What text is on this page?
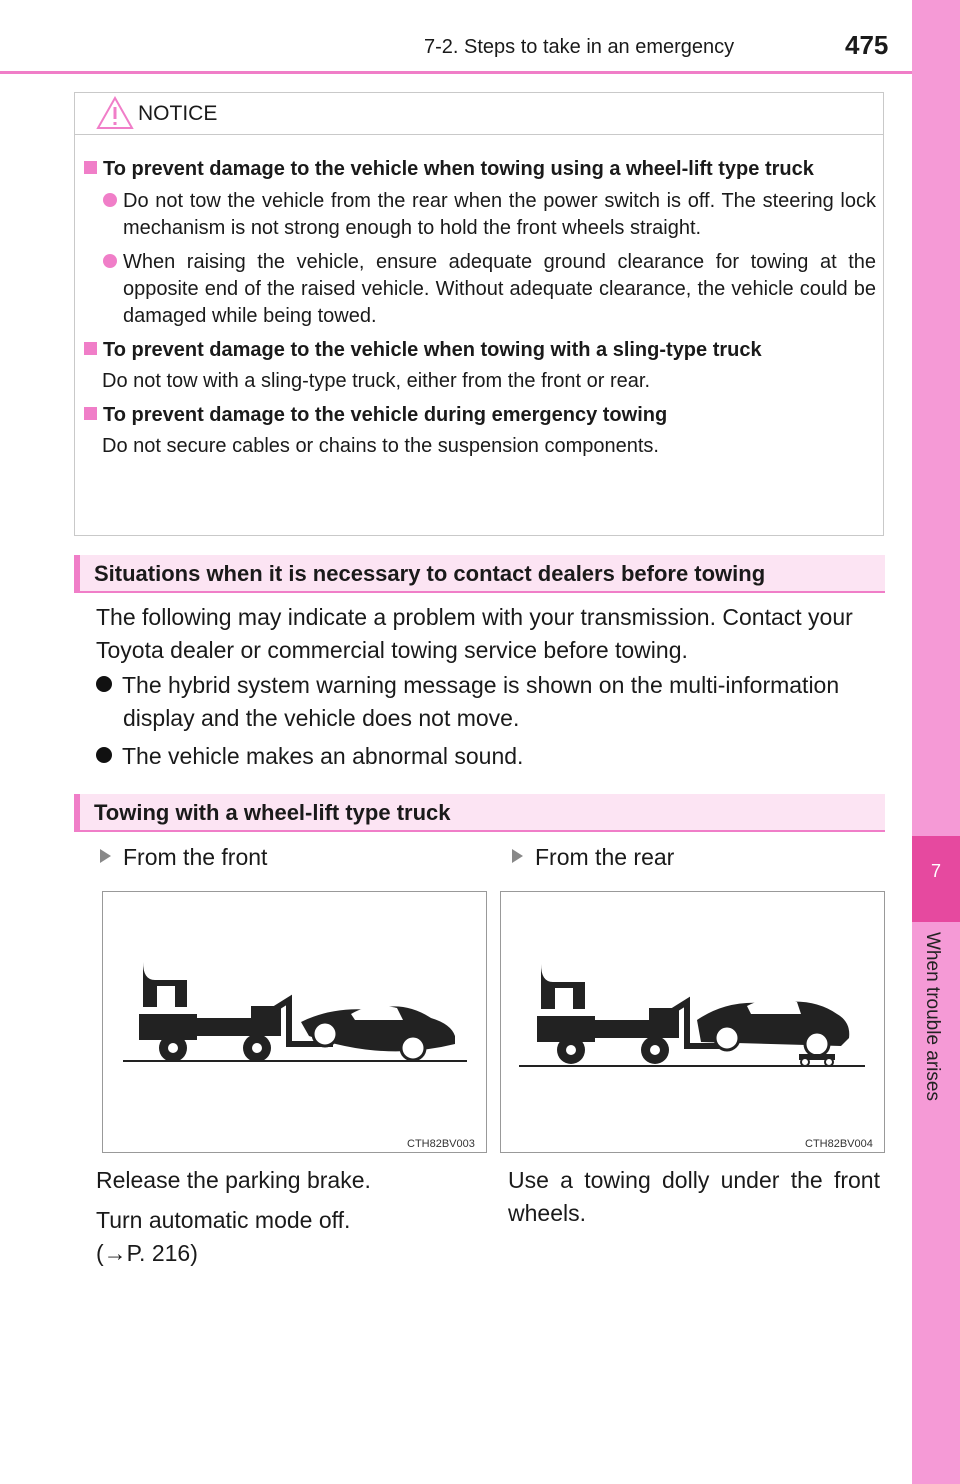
7-2. Steps to take in an emergency	475
7
When trouble arises
NOTICE
To prevent damage to the vehicle when towing using a wheel-lift type truck
Do not tow the vehicle from the rear when the power switch is off. The steering lock mechanism is not strong enough to hold the front wheels straight.
When raising the vehicle, ensure adequate ground clearance for towing at the opposite end of the raised vehicle. Without adequate clearance, the vehicle could be damaged while being towed.
To prevent damage to the vehicle when towing with a sling-type truck
Do not tow with a sling-type truck, either from the front or rear.
To prevent damage to the vehicle during emergency towing
Do not secure cables or chains to the suspension components.
Situations when it is necessary to contact dealers before towing
The following may indicate a problem with your transmission. Contact your Toyota dealer or commercial towing service before towing.
The hybrid system warning message is shown on the multi-information display and the vehicle does not move.
The vehicle makes an abnormal sound.
Towing with a wheel-lift type truck
From the front	From the rear
CTH82BV003	CTH82BV004
Release the parking brake.
Turn automatic mode off.
(→P. 216)
Use a towing dolly under the front wheels.
